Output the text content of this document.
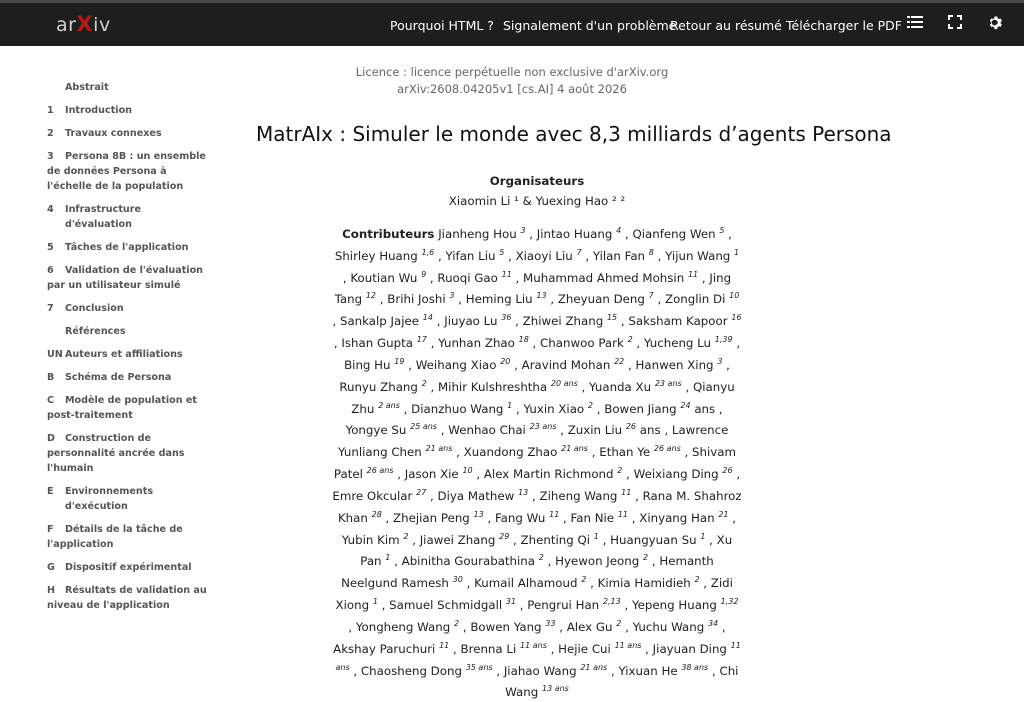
arXiv	Pourquoi HTML ? Signalement d'un problème
Retour au résumé Télécharger le PDF
Abstrait
1	Introduction
2	Travaux connexes
3 Persona 8B : un ensemble de données Persona à l'échelle de la population
4	Infrastructure d'évaluation
5	Tâches de l'application
6 Validation de l'évaluation par un utilisateur simulé
7	Conclusion
Références
UN Auteurs et affiliations
B	Schéma de Persona
C Modèle de population et post-traitement
D Construction de personnalité ancrée dans l'humain
E	Environnements d'exécution
F Détails de la tâche de l'application
G	Dispositif expérimental
H Résultats de validation au niveau de l'application
Licence : licence perpétuelle non exclusive d'arXiv.org
arXiv:2608.04205v1 [cs.AI] 4 août 2026
MatrAIx : Simuler le monde avec 8,3 milliards d’agents Persona
Organisateurs
Xiaomin Li ¹ & Yuexing Hao ² ²
Contributeurs Jianheng Hou $^3$ , Jintao Huang $^4$ , Qianfeng Wen $^5$ , Shirley Huang $^{1,6}$ , Yifan Liu $^5$ , Xiaoyi Liu $^7$ , Yilan Fan $^8$ , Yijun Wang $^1$ , Koutian Wu $^9$ , Ruoqi Gao $^{11}$ , Muhammad Ahmed Mohsin $^{11}$ , Jing Tang $^{12}$ , Brihi Joshi $^3$ , Heming Liu $^{13}$ , Zheyuan Deng $^7$ , Zonglin Di $^{10}$ , Sankalp Jajee $^{14}$ , Jiuyao Lu $^{36}$ , Zhiwei Zhang $^{15}$ , Saksham Kapoor $^{16}$ , Ishan Gupta $^{17}$ , Yunhan Zhao $^{18}$ , Chanwoo Park $^2$ , Yucheng Lu $^{1,39}$ , Bing Hu $^{19}$ , Weihang Xiao $^{20}$ , Aravind Mohan $^{22}$ , Hanwen Xing $^3$ , Runyu Zhang $^2$ , Mihir Kulshreshtha $^{20 ans}$ , Yuanda Xu $^{23 ans}$ , Qianyu Zhu $^{2 ans}$ , Dianzhuo Wang $^1$ , Yuxin Xiao $^2$ , Bowen Jiang $^{24}$ ans , Yongye Su $^{25 ans}$ , Wenhao Chai $^{23 ans}$ , Zuxin Liu $^{26}$ ans , Lawrence Yunliang Chen $^{21 ans}$ , Xuandong Zhao $^{21 ans}$ , Ethan Ye $^{26 ans}$ , Shivam Patel $^{26 ans}$ , Jason Xie $^{10}$ , Alex Martin Richmond $^2$ , Weixiang Ding $^{26}$ , Emre Okcular $^{27}$ , Diya Mathew $^{13}$ , Ziheng Wang $^{11}$ , Rana M. Shahroz Khan $^{28}$ , Zhejian Peng $^{13}$ , Fang Wu $^{11}$ , Fan Nie $^{11}$ , Xinyang Han $^{21}$ , Yubin Kim $^2$ , Jiawei Zhang $^{29}$ , Zhenting Qi $^1$ , Huangyuan Su $^1$ , Xu Pan $^1$ , Abinitha Gourabathina $^2$ , Hyewon Jeong $^2$ , Hemanth Neelgund Ramesh $^{30}$ , Kumail Alhamoud $^2$ , Kimia Hamidieh $^2$ , Zidi Xiong $^1$ , Samuel Schmidgall $^{31}$ , Pengrui Han $^{2,13}$ , Yepeng Huang $^{1,32}$ , Yongheng Wang $^2$ , Bowen Yang $^{33}$ , Alex Gu $^2$ , Yuchu Wang $^{34}$ , Akshay Paruchuri $^{11}$ , Brenna Li $^{11 ans}$ , Hejie Cui $^{11 ans}$ , Jiayuan Ding $^{11 ans}$ , Chaosheng Dong $^{35 ans}$ , Jiahao Wang $^{21 ans}$ , Yixuan He $^{38 ans}$ , Chi Wang $^{13 ans}$
